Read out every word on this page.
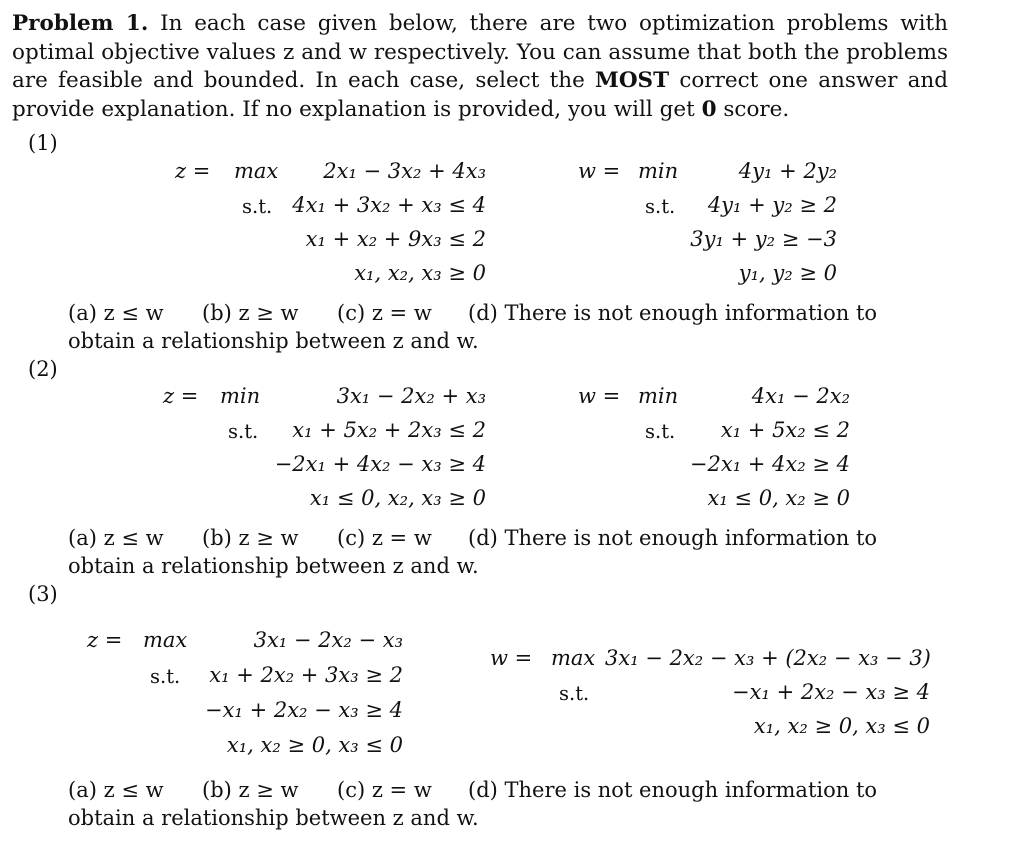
Problem 1. In each case given below, there are two optimization problems with optimal objective values z and w respectively. You can assume that both the problems are feasible and bounded. In each case, select the MOST correct one answer and provide explanation. If no explanation is provided, you will get 0 score.
(1)
z = max
s.t.
2x₁ − 3x₂ + 4x₃
4x₁ + 3x₂ + x₃ ≤ 4
x₁ + x₂ + 9x₃ ≤ 2
x₁, x₂, x₃ ≥ 0
w = min
s.t.
4y₁ + 2y₂
4y₁ + y₂ ≥ 2
3y₁ + y₂ ≥ −3
y₁, y₂ ≥ 0
(a) z ≤ w (b) z ≥ w (c) z = w (d) There is not enough information to obtain a relationship between z and w.
(2)
z = min
s.t.
3x₁ − 2x₂ + x₃
x₁ + 5x₂ + 2x₃ ≤ 2
−2x₁ + 4x₂ − x₃ ≥ 4
x₁ ≤ 0, x₂, x₃ ≥ 0
w = min
s.t.
4x₁ − 2x₂
x₁ + 5x₂ ≤ 2
−2x₁ + 4x₂ ≥ 4
x₁ ≤ 0, x₂ ≥ 0
(a) z ≤ w (b) z ≥ w (c) z = w (d) There is not enough information to obtain a relationship between z and w.
(3)
z = max
s.t.
3x₁ − 2x₂ − x₃
x₁ + 2x₂ + 3x₃ ≥ 2
−x₁ + 2x₂ − x₃ ≥ 4
x₁, x₂ ≥ 0, x₃ ≤ 0
w = max
s.t.
3x₁ − 2x₂ − x₃ + (2x₂ − x₃ − 3)
−x₁ + 2x₂ − x₃ ≥ 4
x₁, x₂ ≥ 0, x₃ ≤ 0
(a) z ≤ w (b) z ≥ w (c) z = w (d) There is not enough information to obtain a relationship between z and w.
